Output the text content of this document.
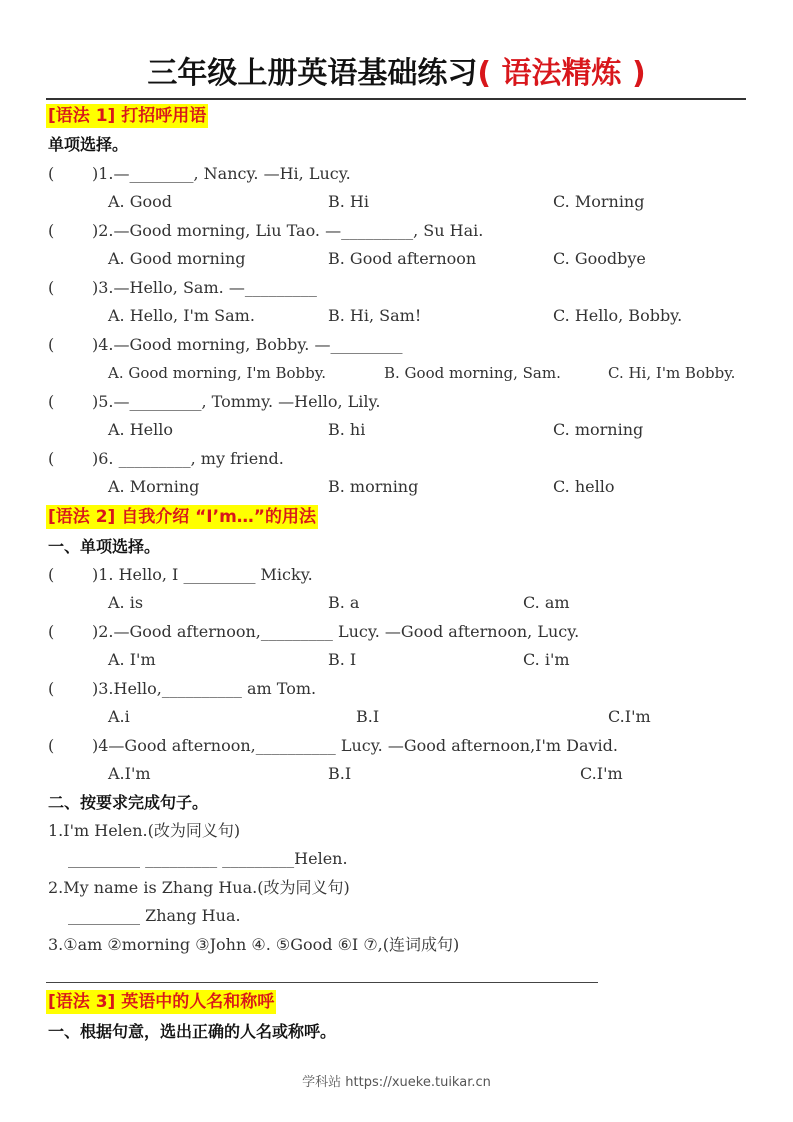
三年级上册英语基础练习( 语法精炼 )
[语法 1] 打招呼用语
单项选择。
( )1.—________, Nancy. —Hi, Lucy.
A. Good	B. Hi	C. Morning
( )2.—Good morning, Liu Tao. —_________, Su Hai.
A. Good morning	B. Good afternoon	C. Goodbye
( )3.—Hello, Sam. —_________
A. Hello, I'm Sam.	B. Hi, Sam!	C. Hello, Bobby.
( )4.—Good morning, Bobby. —_________
A. Good morning, I'm Bobby.	B. Good morning, Sam.	C. Hi, I'm Bobby.
( )5.—_________, Tommy. —Hello, Lily.
A. Hello	B. hi	C. morning
( )6. _________, my friend.
A. Morning	B. morning	C. hello
[语法 2] 自我介绍 “I’m…”的用法
一、单项选择。
( )1. Hello, I _________ Micky.
A. is	B. a	C. am
( )2.—Good afternoon,_________ Lucy. —Good afternoon, Lucy.
A. I'm	B. I	C. i'm
( )3.Hello,__________ am Tom.
A.i	B.I	C.I'm
( )4—Good afternoon,__________ Lucy. —Good afternoon,I'm David.
A.I'm	B.I	C.I'm
二、按要求完成句子。
1.I'm Helen.(改为同义句)
_________ _________ _________Helen.
2.My name is Zhang Hua.(改为同义句)
_________ Zhang Hua.
3.①am ②morning ③John ④. ⑤Good ⑥I ⑦,(连词成句)
[语法 3] 英语中的人名和称呼
一、根据句意，选出正确的人名或称呼。
学科站 https://xueke.tuikar.cn
